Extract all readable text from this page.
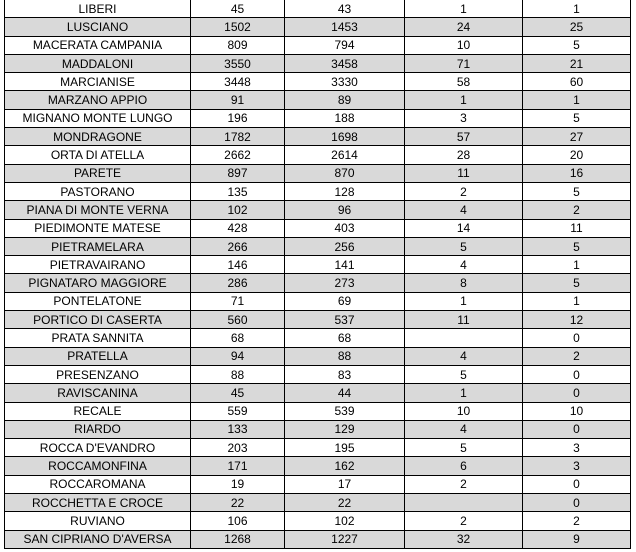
LIBERI	45	43	1	1
LUSCIANO	1502	1453	24	25
MACERATA CAMPANIA	809	794	10	5
MADDALONI	3550	3458	71	21
MARCIANISE	3448	3330	58	60
MARZANO APPIO	91	89	1	1
MIGNANO MONTE LUNGO	196	188	3	5
MONDRAGONE	1782	1698	57	27
ORTA DI ATELLA	2662	2614	28	20
PARETE	897	870	11	16
PASTORANO	135	128	2	5
PIANA DI MONTE VERNA	102	96	4	2
PIEDIMONTE MATESE	428	403	14	11
PIETRAMELARA	266	256	5	5
PIETRAVAIRANO	146	141	4	1
PIGNATARO MAGGIORE	286	273	8	5
PONTELATONE	71	69	1	1
PORTICO DI CASERTA	560	537	11	12
PRATA SANNITA	68	68		0
PRATELLA	94	88	4	2
PRESENZANO	88	83	5	0
RAVISCANINA	45	44	1	0
RECALE	559	539	10	10
RIARDO	133	129	4	0
ROCCA D'EVANDRO	203	195	5	3
ROCCAMONFINA	171	162	6	3
ROCCAROMANA	19	17	2	0
ROCCHETTA E CROCE	22	22		0
RUVIANO	106	102	2	2
SAN CIPRIANO D'AVERSA	1268	1227	32	9
